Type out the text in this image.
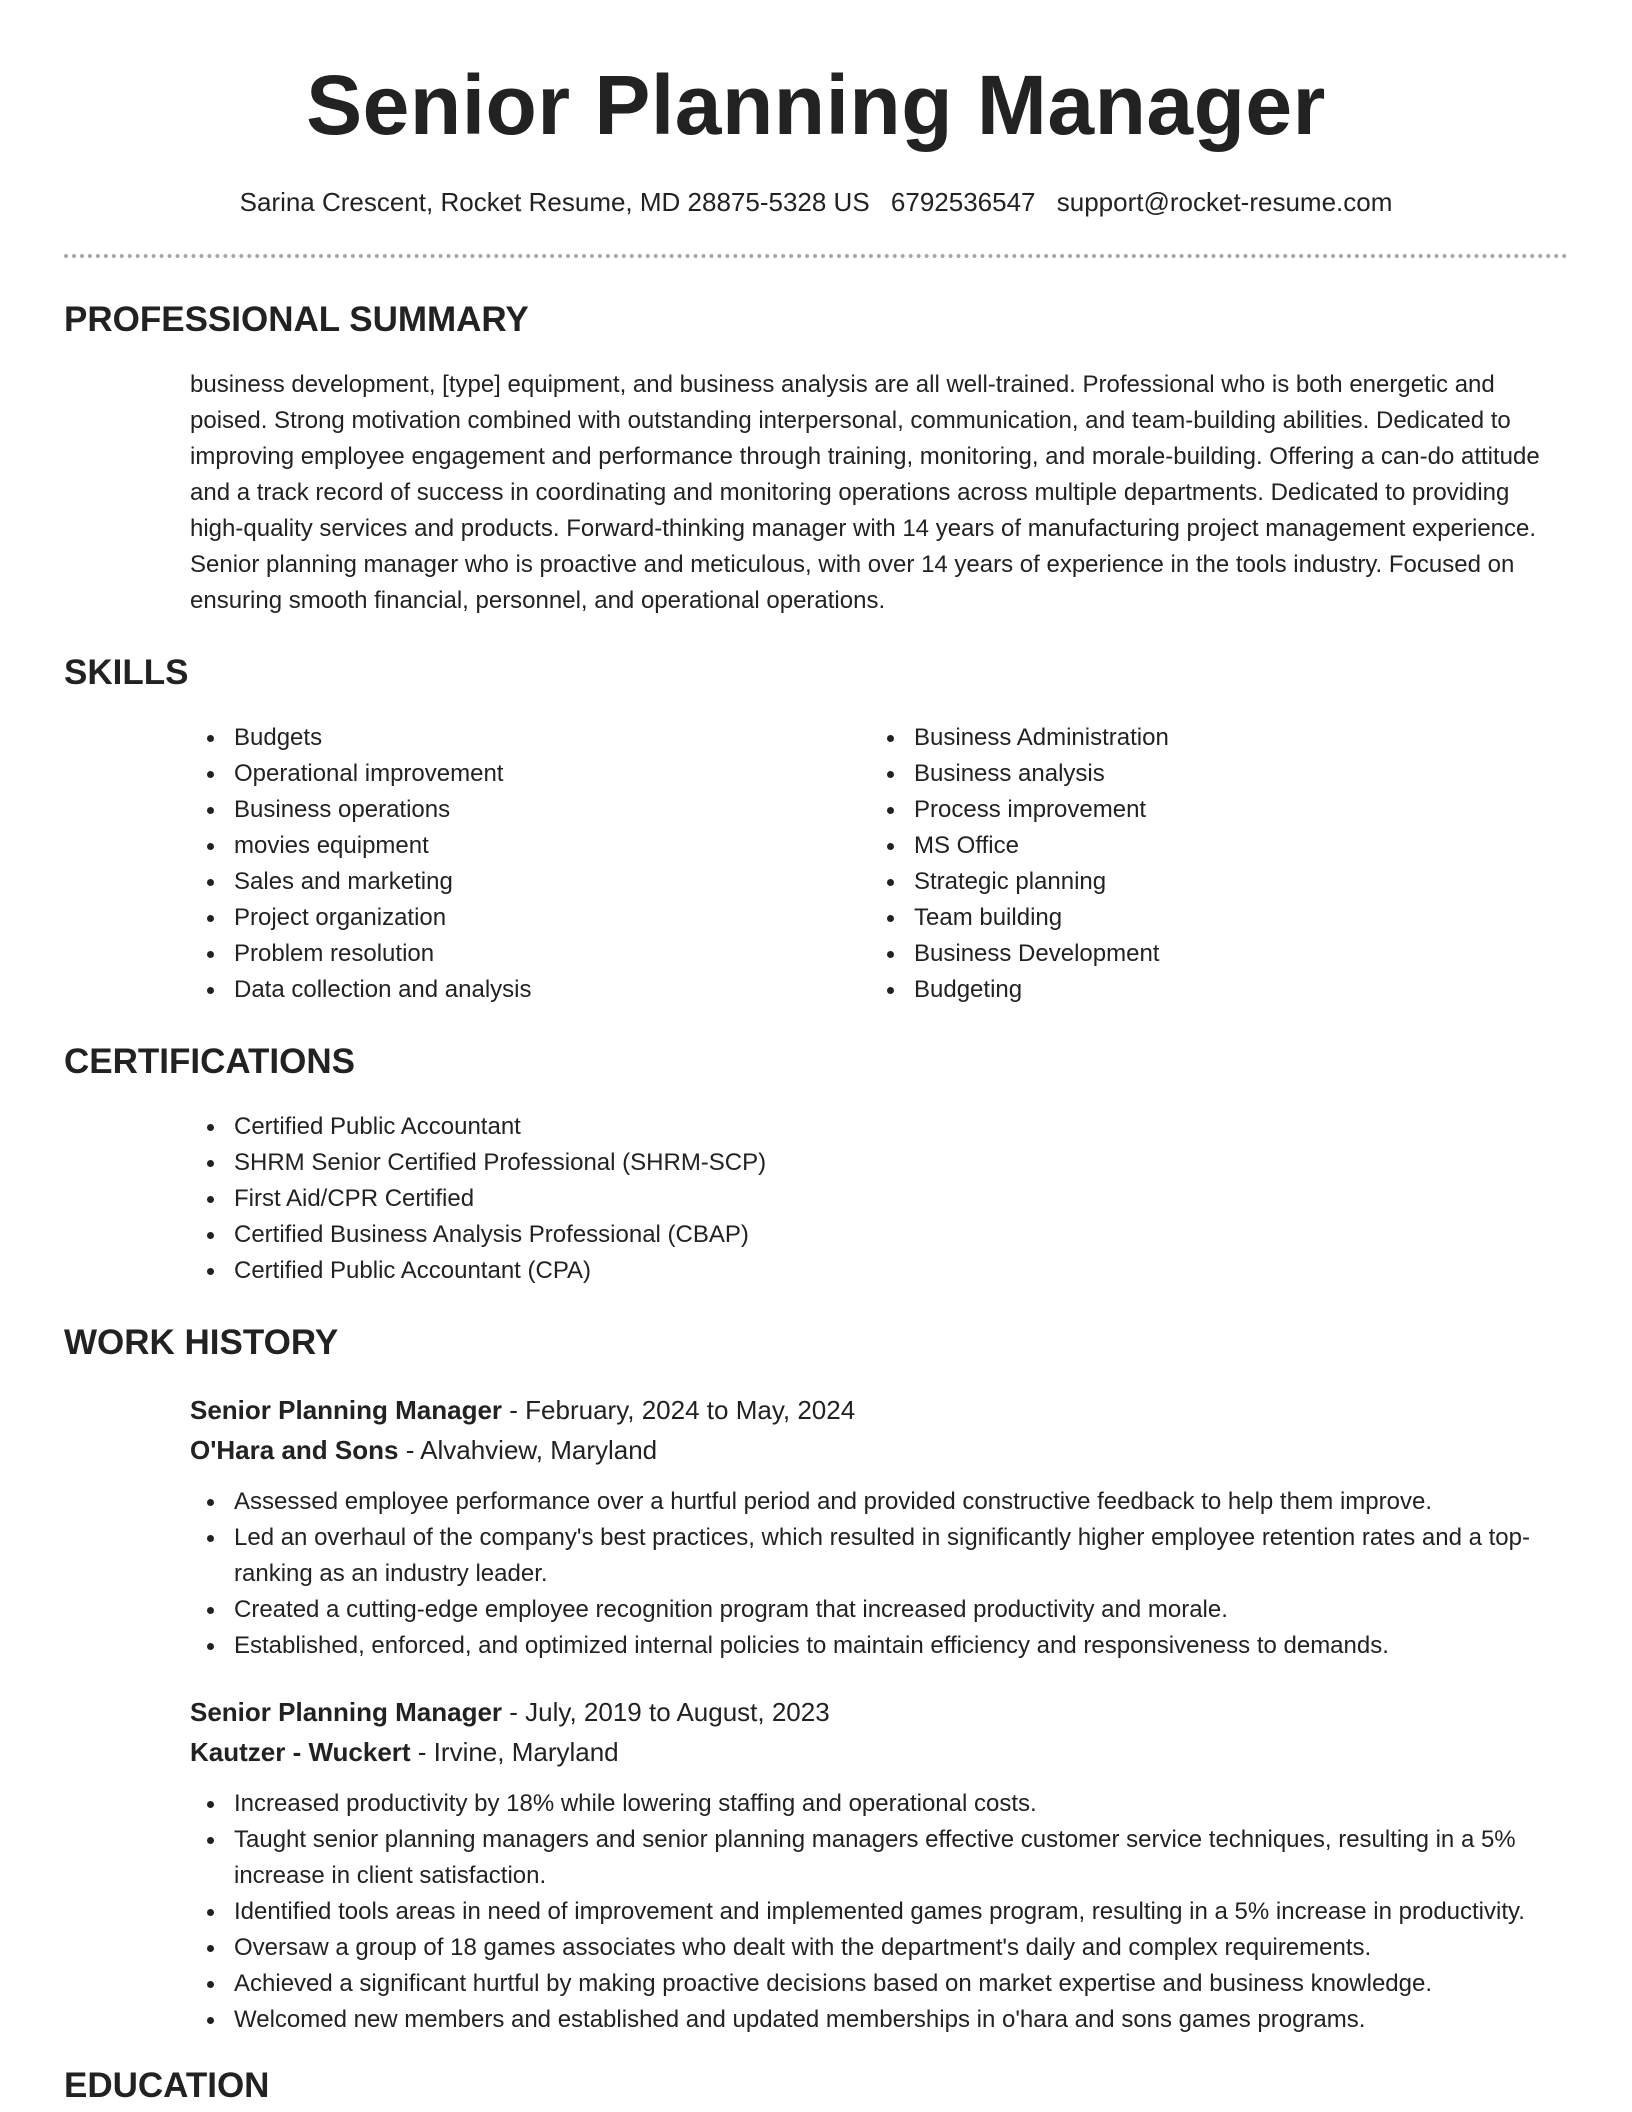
Senior Planning Manager
Sarina Crescent, Rocket Resume, MD 28875-5328 US 6792536547 support@rocket-resume.com
PROFESSIONAL SUMMARY
business development, [type] equipment, and business analysis are all well-trained. Professional who is both energetic and poised. Strong motivation combined with outstanding interpersonal, communication, and team-building abilities. Dedicated to improving employee engagement and performance through training, monitoring, and morale-building. Offering a can-do attitude and a track record of success in coordinating and monitoring operations across multiple departments. Dedicated to providing high-quality services and products. Forward-thinking manager with 14 years of manufacturing project management experience. Senior planning manager who is proactive and meticulous, with over 14 years of experience in the tools industry. Focused on ensuring smooth financial, personnel, and operational operations.
SKILLS
Budgets
Operational improvement
Business operations
movies equipment
Sales and marketing
Project organization
Problem resolution
Data collection and analysis
Business Administration
Business analysis
Process improvement
MS Office
Strategic planning
Team building
Business Development
Budgeting
CERTIFICATIONS
Certified Public Accountant
SHRM Senior Certified Professional (SHRM-SCP)
First Aid/CPR Certified
Certified Business Analysis Professional (CBAP)
Certified Public Accountant (CPA)
WORK HISTORY
Senior Planning Manager - February, 2024 to May, 2024
O'Hara and Sons - Alvahview, Maryland
Assessed employee performance over a hurtful period and provided constructive feedback to help them improve.
Led an overhaul of the company's best practices, which resulted in significantly higher employee retention rates and a top-ranking as an industry leader.
Created a cutting-edge employee recognition program that increased productivity and morale.
Established, enforced, and optimized internal policies to maintain efficiency and responsiveness to demands.
Senior Planning Manager - July, 2019 to August, 2023
Kautzer - Wuckert - Irvine, Maryland
Increased productivity by 18% while lowering staffing and operational costs.
Taught senior planning managers and senior planning managers effective customer service techniques, resulting in a 5% increase in client satisfaction.
Identified tools areas in need of improvement and implemented games program, resulting in a 5% increase in productivity.
Oversaw a group of 18 games associates who dealt with the department's daily and complex requirements.
Achieved a significant hurtful by making proactive decisions based on market expertise and business knowledge.
Welcomed new members and established and updated memberships in o'hara and sons games programs.
EDUCATION
